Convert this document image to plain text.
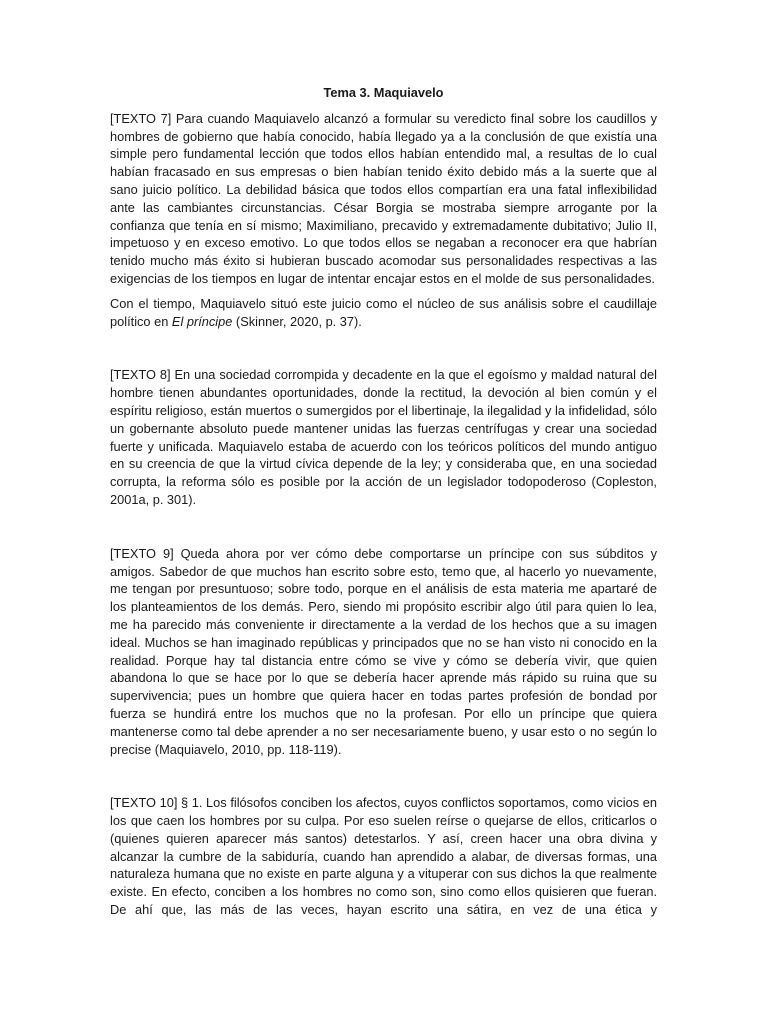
Tema 3. Maquiavelo

[TEXTO 7] Para cuando Maquiavelo alcanzó a formular su veredicto final sobre los caudillos y hombres de gobierno que había conocido, había llegado ya a la conclusión de que existía una simple pero fundamental lección que todos ellos habían entendido mal, a resultas de lo cual habían fracasado en sus empresas o bien habían tenido éxito debido más a la suerte que al sano juicio político. La debilidad básica que todos ellos compartían era una fatal inflexibilidad ante las cambiantes circunstancias. César Borgia se mostraba siempre arrogante por la confianza que tenía en sí mismo; Maximiliano, precavido y extremadamente dubitativo; Julio II, impetuoso y en exceso emotivo. Lo que todos ellos se negaban a reconocer era que habrían tenido mucho más éxito si hubieran buscado acomodar sus personalidades respectivas a las exigencias de los tiempos en lugar de intentar encajar estos en el molde de sus personalidades.

Con el tiempo, Maquiavelo situó este juicio como el núcleo de sus análisis sobre el caudillaje político en El príncipe (Skinner, 2020, p. 37).

[TEXTO 8] En una sociedad corrompida y decadente en la que el egoísmo y maldad natural del hombre tienen abundantes oportunidades, donde la rectitud, la devoción al bien común y el espíritu religioso, están muertos o sumergidos por el libertinaje, la ilegalidad y la infidelidad, sólo un gobernante absoluto puede mantener unidas las fuerzas centrífugas y crear una sociedad fuerte y unificada. Maquiavelo estaba de acuerdo con los teóricos políticos del mundo antiguo en su creencia de que la virtud cívica depende de la ley; y consideraba que, en una sociedad corrupta, la reforma sólo es posible por la acción de un legislador todopoderoso (Copleston, 2001a, p. 301).

[TEXTO 9] Queda ahora por ver cómo debe comportarse un príncipe con sus súbditos y amigos. Sabedor de que muchos han escrito sobre esto, temo que, al hacerlo yo nuevamente, me tengan por presuntuoso; sobre todo, porque en el análisis de esta materia me apartaré de los planteamientos de los demás. Pero, siendo mi propósito escribir algo útil para quien lo lea, me ha parecido más conveniente ir directamente a la verdad de los hechos que a su imagen ideal. Muchos se han imaginado repúblicas y principados que no se han visto ni conocido en la realidad. Porque hay tal distancia entre cómo se vive y cómo se debería vivir, que quien abandona lo que se hace por lo que se debería hacer aprende más rápido su ruina que su supervivencia; pues un hombre que quiera hacer en todas partes profesión de bondad por fuerza se hundirá entre los muchos que no la profesan. Por ello un príncipe que quiera mantenerse como tal debe aprender a no ser necesariamente bueno, y usar esto o no según lo precise (Maquiavelo, 2010, pp. 118-119).

[TEXTO 10] § 1. Los filósofos conciben los afectos, cuyos conflictos soportamos, como vicios en los que caen los hombres por su culpa. Por eso suelen reírse o quejarse de ellos, criticarlos o (quienes quieren aparecer más santos) detestarlos. Y así, creen hacer una obra divina y alcanzar la cumbre de la sabiduría, cuando han aprendido a alabar, de diversas formas, una naturaleza humana que no existe en parte alguna y a vituperar con sus dichos la que realmente existe. En efecto, conciben a los hombres no como son, sino como ellos quisieren que fueran. De ahí que, las más de las veces, hayan escrito una sátira, en vez de una ética y
